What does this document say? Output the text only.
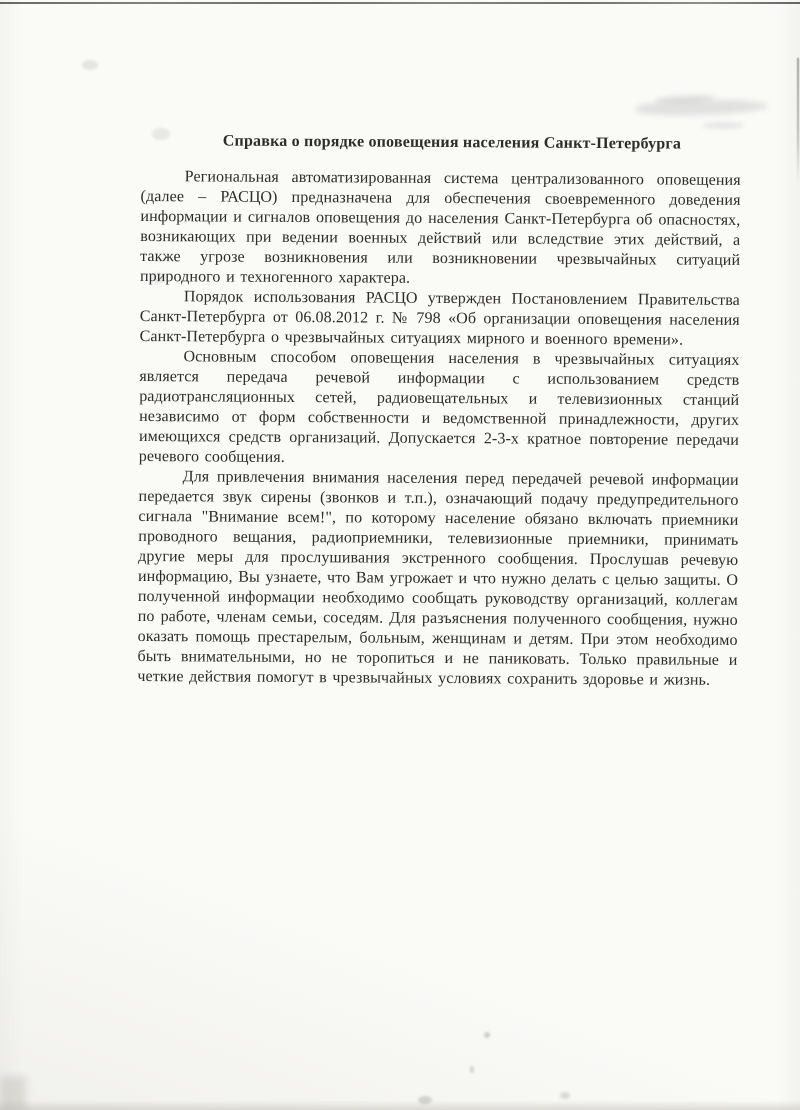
Справка о порядке оповещения населения Санкт-Петербурга

Региональная автоматизированная система централизованного оповещения (далее – РАСЦО) предназначена для обеспечения своевременного доведения информации и сигналов оповещения до населения Санкт-Петербурга об опасностях, возникающих при ведении военных действий или вследствие этих действий, а также угрозе возникновения или возникновении чрезвычайных ситуаций природного и техногенного характера.

Порядок использования РАСЦО утвержден Постановлением Правительства Санкт-Петербурга от 06.08.2012 г. № 798 «Об организации оповещения населения Санкт-Петербурга о чрезвычайных ситуациях мирного и военного времени».

Основным способом оповещения населения в чрезвычайных ситуациях является передача речевой информации с использованием средств радиотрансляционных сетей, радиовещательных и телевизионных станций независимо от форм собственности и ведомственной принадлежности, других имеющихся средств организаций. Допускается 2-3-х кратное повторение передачи речевого сообщения.

Для привлечения внимания населения перед передачей речевой информации передается звук сирены (звонков и т.п.), означающий подачу предупредительного сигнала "Внимание всем!", по которому население обязано включать приемники проводного вещания, радиоприемники, телевизионные приемники, принимать другие меры для прослушивания экстренного сообщения. Прослушав речевую информацию, Вы узнаете, что Вам угрожает и что нужно делать с целью защиты. О полученной информации необходимо сообщать руководству организаций, коллегам по работе, членам семьи, соседям. Для разъяснения полученного сообщения, нужно оказать помощь престарелым, больным, женщинам и детям. При этом необходимо быть внимательными, но не торопиться и не паниковать. Только правильные и четкие действия помогут в чрезвычайных условиях сохранить здоровье и жизнь.
